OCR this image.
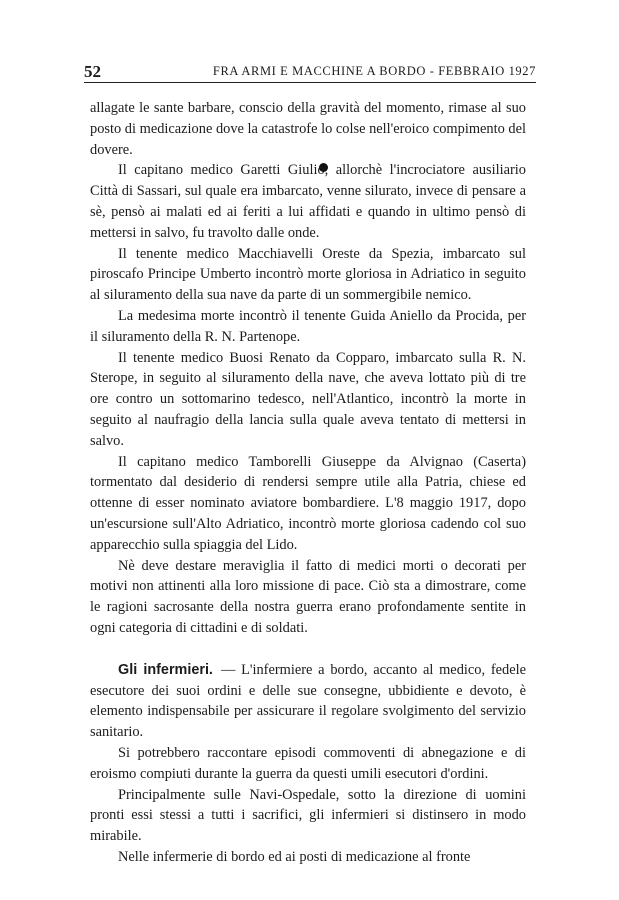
52	FRA ARMI E MACCHINE A BORDO - FEBBRAIO 1927

allagate le sante barbare, conscio della gravità del momento, rimase al suo posto di medicazione dove la catastrofe lo colse nell'eroico compimento del dovere.

Il capitano medico Garetti Giulio, allorchè l'incrociatore ausiliario Città di Sassari, sul quale era imbarcato, venne silurato, invece di pensare a sè, pensò ai malati ed ai feriti a lui affidati e quando in ultimo pensò di mettersi in salvo, fu travolto dalle onde.

Il tenente medico Macchiavelli Oreste da Spezia, imbarcato sul piroscafo Principe Umberto incontrò morte gloriosa in Adriatico in seguito al siluramento della sua nave da parte di un sommergibile nemico.

La medesima morte incontrò il tenente Guida Aniello da Procida, per il siluramento della R. N. Partenope.

Il tenente medico Buosi Renato da Copparo, imbarcato sulla R. N. Sterope, in seguito al siluramento della nave, che aveva lottato più di tre ore contro un sottomarino tedesco, nell'Atlantico, incontrò la morte in seguito al naufragio della lancia sulla quale aveva tentato di mettersi in salvo.

Il capitano medico Tamborelli Giuseppe da Alvignao (Caserta) tormentato dal desiderio di rendersi sempre utile alla Patria, chiese ed ottenne di esser nominato aviatore bombardiere. L'8 maggio 1917, dopo un'escursione sull'Alto Adriatico, incontrò morte gloriosa cadendo col suo apparecchio sulla spiaggia del Lido.

Nè deve destare meraviglia il fatto di medici morti o decorati per motivi non attinenti alla loro missione di pace. Ciò sta a dimostrare, come le ragioni sacrosante della nostra guerra erano profondamente sentite in ogni categoria di cittadini e di soldati.

Gli infermieri. — L'infermiere a bordo, accanto al medico, fedele esecutore dei suoi ordini e delle sue consegne, ubbidiente e devoto, è elemento indispensabile per assicurare il regolare svolgimento del servizio sanitario.

Si potrebbero raccontare episodi commoventi di abnegazione e di eroismo compiuti durante la guerra da questi umili esecutori d'ordini.

Principalmente sulle Navi-Ospedale, sotto la direzione di uomini pronti essi stessi a tutti i sacrifici, gli infermieri si distinsero in modo mirabile.

Nelle infermerie di bordo ed ai posti di medicazione al fronte
